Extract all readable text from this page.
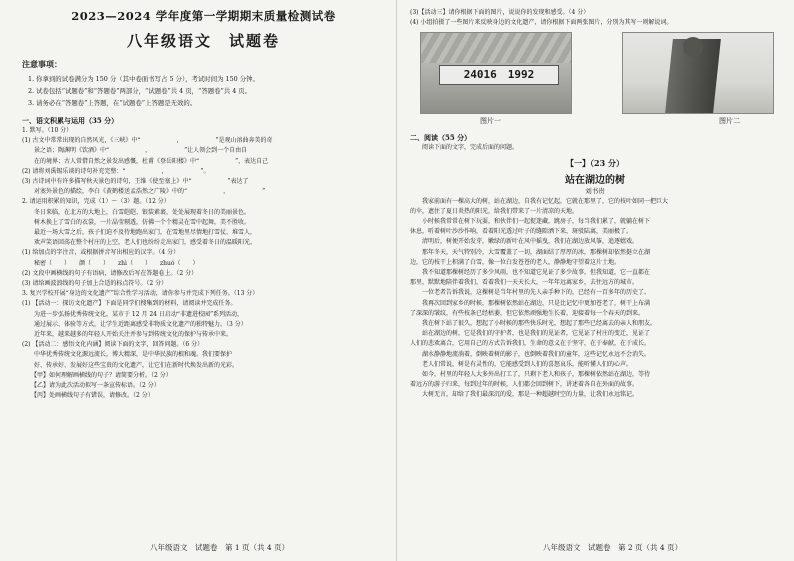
2023—2024 学年度第一学期期末质量检测试卷
八年级语文　试题卷
注意事项：
1. 你拿到的试卷满分为 150 分（其中卷面书写占 5 分），考试时间为 150 分钟。
2. 试卷包括“试题卷”和“答题卷”两部分，“试题卷”共 4 页，“答题卷”共 4 页。
3. 请务必在“答题卷”上答题，在“试题卷”上答题是无效的。
一、语文积累与运用（35 分）
1. 默写。（10 分）
(1) 古文中常常出现的自然风光，《三峡》中“　　　　　　，　　　　　　”是观山溶曲奔美的奇
　　景之语；陶渊明《饮酒》中“　　　　　　，　　　　　　”让人领会到一个自由自
　　在的境界；古人常借自然之景发出感慨，杜甫《登岳阳楼》中“　　　　　　”，表达自己
(2) 请将刘禹锡乐谈的诗句补充完整：“　　　　　　，　　　　　　”。
(3) 古诗词中有许多描写秋天景色的诗句，王维《使至塞上》中“　　　　　　”表达了
　　对塞外景色的描绘，李白《黄鹤楼送孟浩然之广陵》中的“　　　　　　，　　　　　　”
2. 请运用积累的知识，完成（1）～（3）题。（12 分）
　　冬日来临，在北方的大地上，白雪皑皑、银装素裹，处处展现着冬日的美丽景色。
　　树木换上了雪白的衣裳，一片晶莹剔透，仿佛一个个精灵在雪中起舞，美不胜收。
　　最近一场大雪之后，孩子们迫不及待地跑出家门，在雪地里尽情地打雪仗、堆雪人，
　　欢声笑语回荡在整个村庄的上空，老人们也纷纷走出家门，感受着冬日的温暖阳光。
(1) 给加点的字注音，或根据拼音写出相应的汉字。（4 分）
　　秘密（　　）　　颜（　　）　　zhì（　　）　　zhuó（　　）
(2) 文段中画横线的句子有语病，请修改后写在答题卷上。（2 分）
(3) 请给画波浪线的句子加上合适的标点符号。（2 分）
3. 复兴学校开展“身边的文化遗产”综合性学习活动，请你参与并完成下列任务。（13 分）
(1) 【活动一：探访文化遗产】下面是同学们搜集到的材料，请阅读并完成任务。
　　为进一步弘扬优秀传统文化，某市于 12 月 24 日启动“非遗进校园”系列活动，
　　通过展示、体验等方式，让学生近距离感受非物质文化遗产的独特魅力。（3 分）
　　近年来，越来越多的年轻人开始关注并参与到传统文化的保护与传承中来。
(2) 【活动二：感悟文化内涵】阅读下面的文字，回答问题。（6 分）
　　中华优秀传统文化源远流长，博大精深，是中华民族的根和魂。我们要保护
　　好、传承好、发展好这些宝贵的文化遗产，让它们在新时代焕发出新的光彩。
　　【甲】如何理解画横线的句子？请简要分析。（2 分）
　　【乙】请为此次活动拟写一条宣传标语。（2 分）
　　【丙】处画横线句子有错误，请修改。（2 分）
八年级语文　试题卷　第 1 页（共 4 页）
(3)【活动三】请你根据下面的图片，说说你的发现和感受。（4 分）
(4) 小组拍摄了一些图片来反映身边的文化遗产，请你根据下面两张图片，分别为其写一则解说词。
24016　1992
图片一	图片二
二、阅读（55 分）
　　阅读下面的文字，完成后面的问题。
【一】（23 分）
站在湖边的树
刘书贵
　　我家前面有一棵高大的树，站在湖边，自我有记忆起，它就在那里了，它的枝叶如同一把巨大
的伞，遮住了夏日炎热的阳光，给我们带来了一片清凉的天地。
　　小时候我常常在树下玩耍，和伙伴们一起捉迷藏，跳房子，每当我们累了，就躺在树下
休息，听着树叶沙沙作响，看着阳光透过叶子的缝隙洒下来，斑驳陆离，美丽极了。
　　清明后，树便开始发芽，嫩绿的新叶在风中摇曳，我们在湖边放风筝，追逐嬉戏。
　　那年冬天，天气特别冷，大雪覆盖了一切，湖面结了厚厚的冰，那棵树却依然挺立在湖
边，它的枝干上积满了白雪，像一位白发苍苍的老人，静静地守望着这片土地。
　　我不知道那棵树经历了多少风雨，也不知道它见证了多少故事，但我知道，它一直都在
那里，默默地陪伴着我们，看着我们一天天长大，一年年远离家乡，去往远方的城市。
　　一位老者告诉我说，这棵树是当年村里的先人亲手种下的，已经有一百多年的历史了。
　　我再次回到家乡的时候，那棵树依然站在湖边，只是比记忆中更加苍老了，树干上布满
了深深的皱纹，有些枝条已经枯萎，但它依然顽强地生长着，迎接着每一个春天的到来。
　　我在树下站了很久，想起了小时候的那些快乐时光，想起了那些已经离去的亲人和朋友。
　　站在湖边的树，它是我们的守护者，也是我们的见证者，它见证了村庄的变迁，见证了
人们的悲欢离合，它用自己的方式告诉我们，生命的意义在于坚守，在于奉献，在于成长。
　　湖水静静地流淌着，倒映着树的影子，也倒映着我们的童年，这些记忆永远不会消失。
　　老人们常说，树是有灵性的，它能感受到人们的喜怒哀乐，能听懂人们的心声。
　　如今，村里的年轻人大多外出打工了，只剩下老人和孩子，那棵树依然站在湖边，等待
着远方的游子归来，每到过年的时候，人们都会回到树下，讲述着各自在外面的故事。
　　大树无言，却给了我们最深沉的爱，那是一种超越时空的力量，让我们永远铭记。
八年级语文　试题卷　第 2 页（共 4 页）
